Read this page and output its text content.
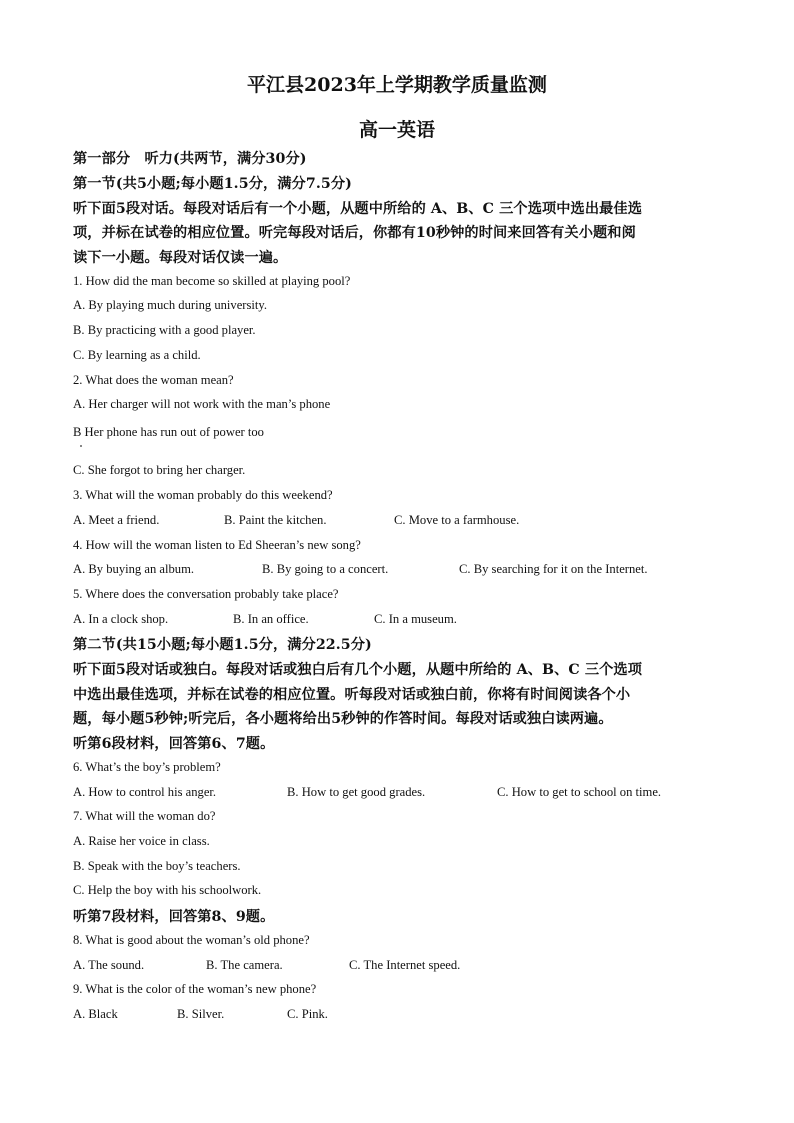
平江县2023年上学期教学质量监测
高一英语
第一部分　听力(共两节，满分30分)
第一节(共5小题;每小题1.5分，满分7.5分)
听下面5段对话。每段对话后有一个小题，从题中所给的 A、B、C 三个选项中选出最佳选
项，并标在试卷的相应位置。听完每段对话后，你都有10秒钟的时间来回答有关小题和阅
读下一小题。每段对话仅读一遍。
1. How did the man become so skilled at playing pool?
A. By playing much during university.
B. By practicing with a good player.
C. By learning as a child.
2. What does the woman mean?
A. Her charger will not work with the man’s phone
B Her phone has run out of power too
C. She forgot to bring her charger.
3. What will the woman probably do this weekend?
A. Meet a friend.	B. Paint the kitchen.	C. Move to a farmhouse.
4. How will the woman listen to Ed Sheeran’s new song?
A. By buying an album.	B. By going to a concert.	C. By searching for it on the Internet.
5. Where does the conversation probably take place?
A. In a clock shop.	B. In an office.	C. In a museum.
第二节(共15小题;每小题1.5分，满分22.5分)
听下面5段对话或独白。每段对话或独白后有几个小题，从题中所给的 A、B、C 三个选项
中选出最佳选项，并标在试卷的相应位置。听每段对话或独白前，你将有时间阅读各个小
题，每小题5秒钟;听完后，各小题将给出5秒钟的作答时间。每段对话或独白读两遍。
听第6段材料，回答第6、7题。
6. What’s the boy’s problem?
A. How to control his anger.	B. How to get good grades.	C. How to get to school on time.
7. What will the woman do?
A. Raise her voice in class.
B. Speak with the boy’s teachers.
C. Help the boy with his schoolwork.
听第7段材料，回答第8、9题。
8. What is good about the woman’s old phone?
A. The sound.	B. The camera.	C. The Internet speed.
9. What is the color of the woman’s new phone?
A. Black	B. Silver.	C. Pink.
